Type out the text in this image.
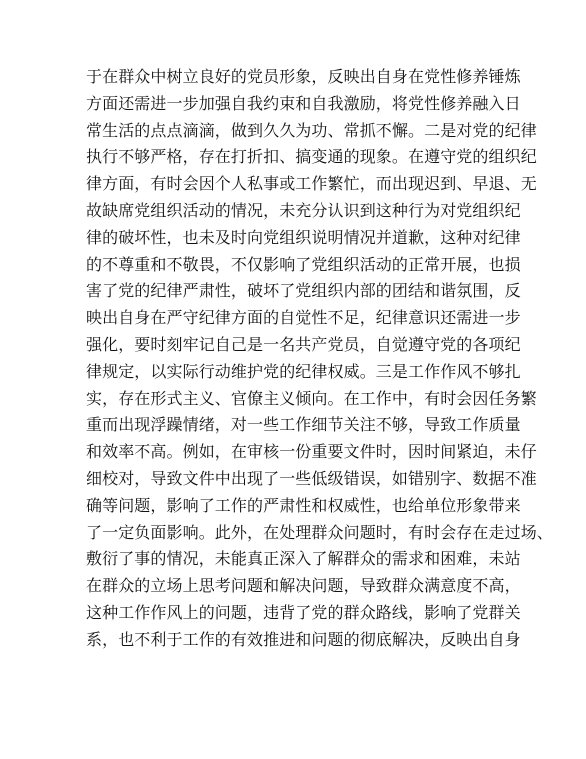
于在群众中树立良好的党员形象，反映出自身在党性修养锤炼
方面还需进一步加强自我约束和自我激励，将党性修养融入日
常生活的点点滴滴，做到久久为功、常抓不懈。二是对党的纪律
执行不够严格，存在打折扣、搞变通的现象。在遵守党的组织纪
律方面，有时会因个人私事或工作繁忙，而出现迟到、早退、无
故缺席党组织活动的情况，未充分认识到这种行为对党组织纪
律的破坏性，也未及时向党组织说明情况并道歉，这种对纪律
的不尊重和不敬畏，不仅影响了党组织活动的正常开展，也损
害了党的纪律严肃性，破坏了党组织内部的团结和谐氛围，反
映出自身在严守纪律方面的自觉性不足，纪律意识还需进一步
强化，要时刻牢记自己是一名共产党员，自觉遵守党的各项纪
律规定，以实际行动维护党的纪律权威。三是工作作风不够扎
实，存在形式主义、官僚主义倾向。在工作中，有时会因任务繁
重而出现浮躁情绪，对一些工作细节关注不够，导致工作质量
和效率不高。例如，在审核一份重要文件时，因时间紧迫，未仔
细校对，导致文件中出现了一些低级错误，如错别字、数据不准
确等问题，影响了工作的严肃性和权威性，也给单位形象带来
了一定负面影响。此外，在处理群众问题时，有时会存在走过场、
敷衍了事的情况，未能真正深入了解群众的需求和困难，未站
在群众的立场上思考问题和解决问题，导致群众满意度不高，
这种工作作风上的问题，违背了党的群众路线，影响了党群关
系，也不利于工作的有效推进和问题的彻底解决，反映出自身
